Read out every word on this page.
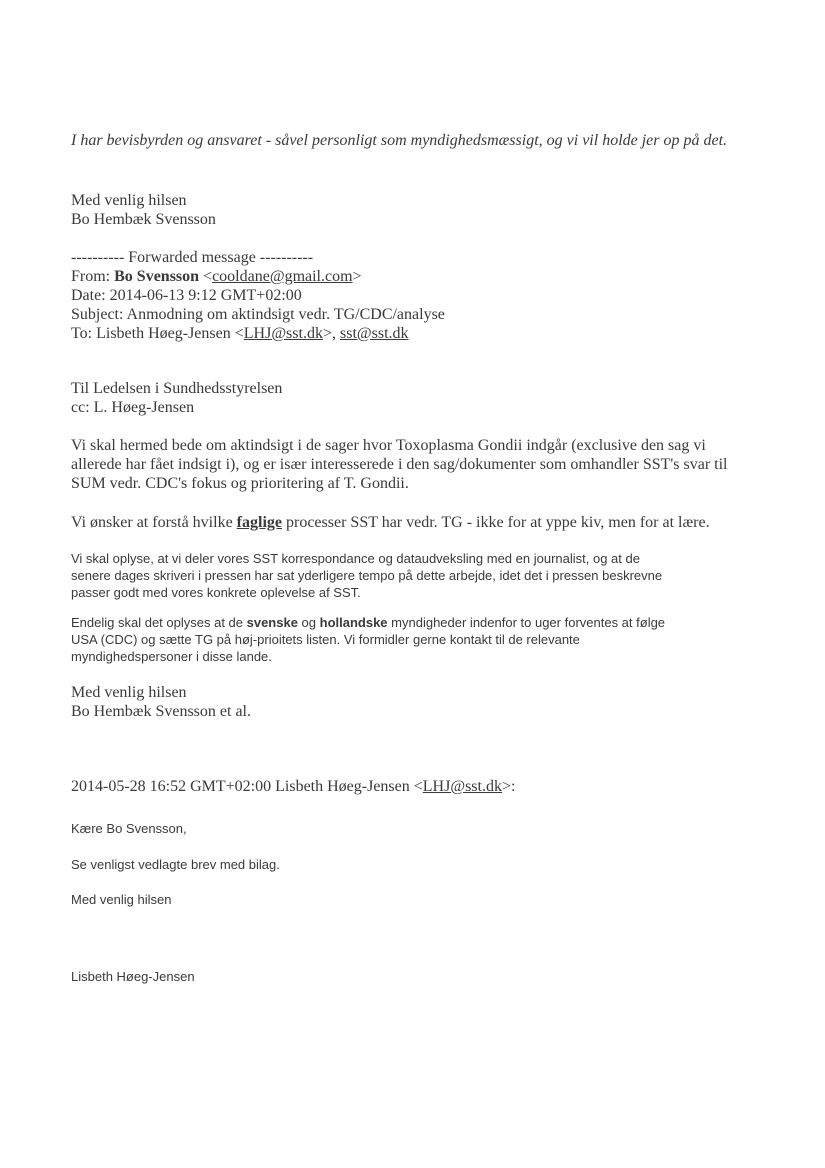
I har bevisbyrden og ansvaret - såvel personligt som myndighedsmæssigt, og vi vil holde jer op på det.
Med venlig hilsen
Bo Hembæk Svensson
---------- Forwarded message ----------
From: Bo Svensson <cooldane@gmail.com>
Date: 2014-06-13 9:12 GMT+02:00
Subject: Anmodning om aktindsigt vedr. TG/CDC/analyse
To: Lisbeth Høeg-Jensen <LHJ@sst.dk>, sst@sst.dk
Til Ledelsen i Sundhedsstyrelsen
cc: L. Høeg-Jensen
Vi skal hermed bede om aktindsigt i de sager hvor Toxoplasma Gondii indgår (exclusive den sag vi allerede har fået indsigt i), og er især interesserede i den sag/dokumenter som omhandler SST's svar til SUM vedr. CDC's fokus og prioritering af T. Gondii.
Vi ønsker at forstå hvilke faglige processer SST har vedr. TG - ikke for at yppe kiv, men for at lære.
Vi skal oplyse, at vi deler vores SST korrespondance og dataudveksling med en journalist, og at de senere dages skriveri i pressen har sat yderligere tempo på dette arbejde, idet det i pressen beskrevne passer godt med vores konkrete oplevelse af SST.
Endelig skal det oplyses at de svenske og hollandske myndigheder indenfor to uger forventes at følge USA (CDC) og sætte TG på høj-prioitets listen. Vi formidler gerne kontakt til de relevante myndighedspersoner i disse lande.
Med venlig hilsen
Bo Hembæk Svensson et al.
2014-05-28 16:52 GMT+02:00 Lisbeth Høeg-Jensen <LHJ@sst.dk>:
Kære Bo Svensson,
Se venligst vedlagte brev med bilag.
Med venlig hilsen
Lisbeth Høeg-Jensen
